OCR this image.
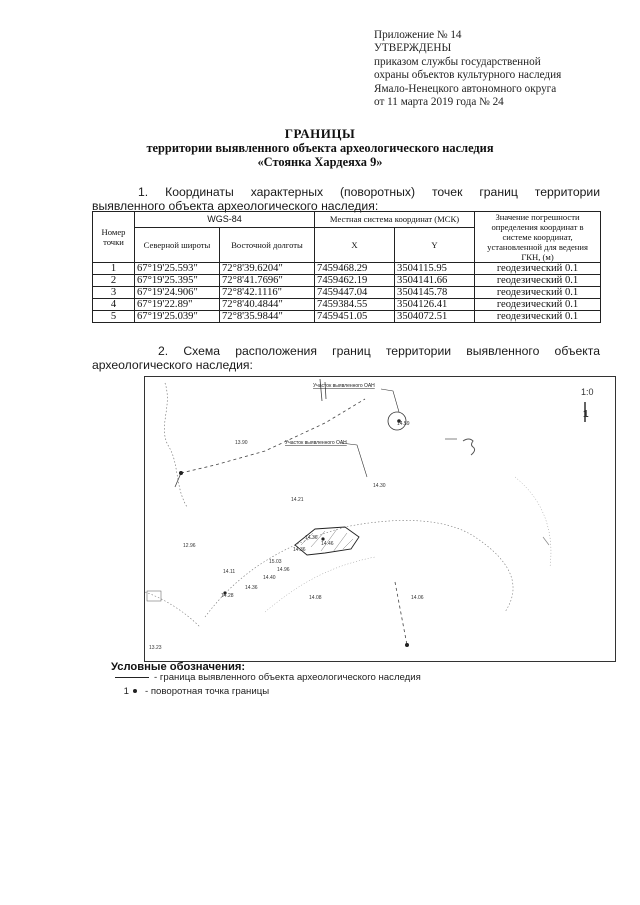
Приложение № 14
УТВЕРЖДЕНЫ
приказом службы государственной
охраны объектов культурного наследия
Ямало-Ненецкого автономного округа
от 11 марта 2019 года № 24
ГРАНИЦЫ
территории выявленного объекта археологического наследия
«Стоянка Хардеяха 9»
1. Координаты характерных (поворотных) точек границ территории
выявленного объекта археологического наследия:
Номер точки	WGS-84		Местная система координат (МСК)		Значение погрешности определения координат в системе координат, установленной для ведения ГКН, (м)
	Северной широты	Восточной долготы	X	Y	
1	67°19'25.593"	72°8'39.6204"	7459468.29	3504115.95	геодезический 0.1
2	67°19'25.395"	72°8'41.7696"	7459462.19	3504141.66	геодезический 0.1
3	67°19'24.906"	72°8'42.1116"	7459447.04	3504145.78	геодезический 0.1
4	67°19'22.89"	72°8'40.4844"	7459384.55	3504126.41	геодезический 0.1
5	67°19'25.039"	72°8'35.9844"	7459451.05	3504072.51	геодезический 0.1
2. Схема расположения границ территории выявленного объекта
археологического наследия:
Участок выявленного ОАН
Участок выявленного ОАН
1:0
1
13.90
14.21
12.96
14.30
14.36
14.46
14.36
15.03
14.11	14.96
14.40
14.36
14.28	14.08	14.06
13.23
14.59
Условные обозначения:
- граница выявленного объекта археологического наследия
1 - поворотная точка границы
